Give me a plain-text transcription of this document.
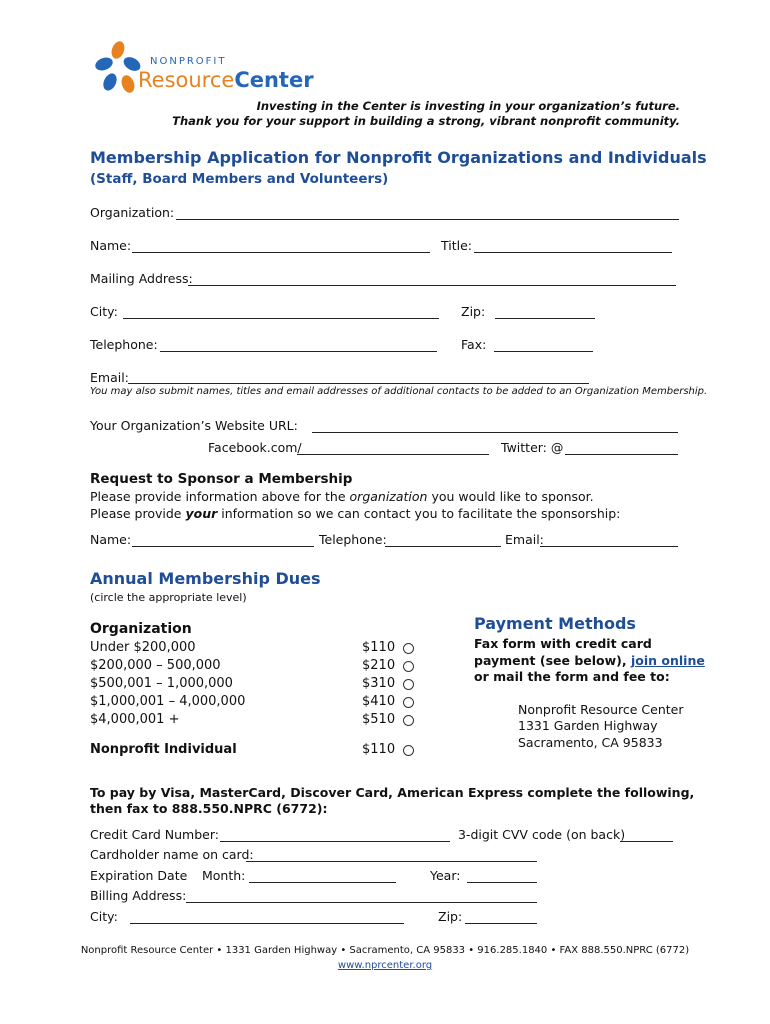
NONPROFIT
ResourceCenter
Investing in the Center is investing in your organization’s future.
Thank you for your support in building a strong, vibrant nonprofit community.
Membership Application for Nonprofit Organizations and Individuals
(Staff, Board Members and Volunteers)
Organization:
Name:	Title:
Mailing Address:
City:	Zip:
Telephone:	Fax:
Email:
You may also submit names, titles and email addresses of additional contacts to be added to an Organization Membership.
Your Organization’s Website URL:
Facebook.com/	Twitter: @
Request to Sponsor a Membership
Please provide information above for the organization you would like to sponsor.
Please provide your information so we can contact you to facilitate the sponsorship:
Name:	Telephone:	Email:
Annual Membership Dues
(circle the appropriate level)
Organization
Under $200,000	$110
$200,000 – 500,000	$210
$500,001 – 1,000,000	$310
$1,000,001 – 4,000,000	$410
$4,000,001 +	$510
Nonprofit Individual	$110
Payment Methods
Fax form with credit card
payment (see below), join online
or mail the form and fee to:
Nonprofit Resource Center
1331 Garden Highway
Sacramento, CA 95833
To pay by Visa, MasterCard, Discover Card, American Express complete the following,
then fax to 888.550.NPRC (6772):
Credit Card Number:	3-digit CVV code (on back)
Cardholder name on card:
Expiration Date Month:	Year:
Billing Address:
City:	Zip:
Nonprofit Resource Center • 1331 Garden Highway • Sacramento, CA 95833 • 916.285.1840 • FAX 888.550.NPRC (6772)
www.nprcenter.org
